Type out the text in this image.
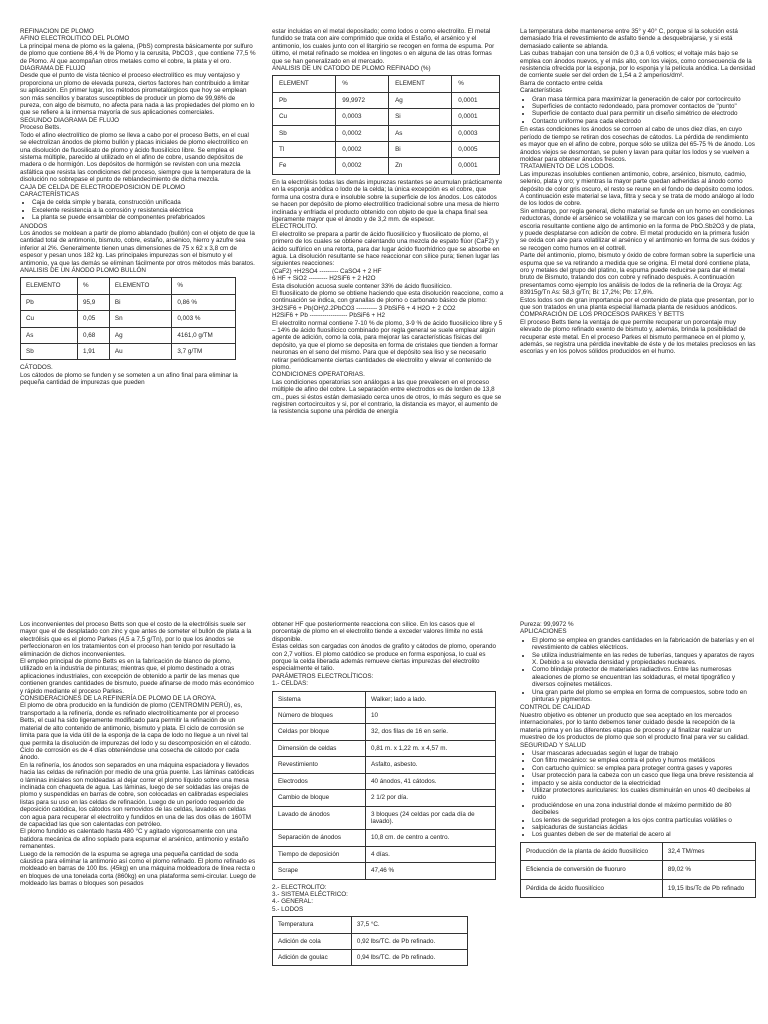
REFINACION DE PLOMO

AFINO ELECTROLITICO DEL PLOMO

La principal mena de plomo es la galena, (PbS) compresta básicamente por sulfuro de plomo que contiene 86,4 % de Plomo y la cerusita, PbCO3 , que contiene 77,5 % de Plomo. Al que acompañan otros metales como el cobre, la plata y el oro.

DIAGRAMA DE FLUJO

Desde que el punto de vista técnico el proceso electrolítico es muy ventajoso y proporciona un plomo de elevada pureza, ciertos factores han contribuido a limitar su aplicación. En primer lugar, los métodos pirometalúrgicos que hoy se emplean son más sencillos y baratos susceptibles de producir un plomo de 99,98% de pureza, con algo de bismuto, no afecta para nada a las propiedades del plomo en lo que se refiere a la inmensa mayoría de sus aplicaciones comerciales.

SEGUNDO DIAGRAMA DE FLUJO

Proceso Betts.

Todo el afino electrolítico de plomo se lleva a cabo por el proceso Betts, en el cual se electrolizan ánodos de plomo bullón y placas iniciales de plomo electrolítico en una disolución de fluosilicato de plomo y ácido fluosilícico libre. Se emplea el sistema múltiple, parecido al utilizado en el afino de cobre, usando depósitos de madera o de hormigón. Los depósitos de hormigón se revisten con una mezcla asfáltica que resista las condiciones del proceso, siempre que la temperatura de la disolución no sobrepase el punto de reblandecimiento de dicha mezcla.

CAJA DE CELDA DE ELECTRODEPOSICION DE PLOMO

CARACTERÍSTICAS

• Caja de celda simple y barata, construcción unificada
• Excelente resistencia a la corrosión y resistencia eléctrica
• La planta se puede ensamblar de componentes prefabricados

ANODOS

Los ánodos se moldean a partir de plomo ablandado (bullón) con el objeto de que la cantidad total de antimonio, bismuto, cobre, estaño, arsénico, hierro y azufre sea inferior al 2%. Generalmente tienen unas dimensiones de 75 x 62 x 3,8 cm de espesor y pesan unos 182 kg. Las principales impurezas son el bismuto y el antimonio, ya que las demás se eliminan fácilmente por otros métodos más baratos.

ANALISIS DE UN ÁNODO PLOMO BULLÓN

ELEMENTO	%	ELEMENTO	%
Pb	95,9	Bi	0,86 %
Cu	0,05	Sn	0,003 %
As	0,68	Ag	4161,0 g/TM
Sb	1,91	Au	3,7 g/TM

CÁTODOS.

Los cátodos de plomo se funden y se someten a un afino final para eliminar la pequeña cantidad de impurezas que pueden

estar incluidas en el metal depositado; como lodos o como electrolito. El metal fundido se trata con aire comprimido que oxida el Estaño, el arsénico y el antimonio, los cuales junto con el litargirio se recogen en forma de espuma. Por último, el metal refinado se moldea en lingotes o en alguna de las otras formas que se han generalizado en el mercado.

ANALISIS DE UN CATODO DE PLOMO REFINADO (%)

ELEMENT	%	ELEMENT	%
Pb	99,9972	Ag	0,0001
Cu	0,0003	Si	0,0001
Sb	0,0002	As	0,0003
Tl	0,0002	Bi	0,0005
Fe	0,0002	Zn	0,0001

En la electrólisis todas las demás impurezas restantes se acumulan prácticamente en la esponja anódica o lodo de la celda; la única excepción es el cobre, que forma una costra dura e insoluble sobre la superficie de los ánodos. Los cátodos se hacen por depósito de plomo electrolítico tradicional sobre una mesa de hierro inclinada y enfriada el producto obtenido con objeto de que la chapa final sea ligeramente mayor que el ánodo y de 3,2 mm. de espesor.

ELECTROLITO.

El electrolito se prepara a partir de ácido fluosilícico y fluosilicato de plomo, el primero de los cuales se obtiene calentando una mezcla de espato flúor (CaF2) y ácido sulfúrico en una retorta, para dar lugar ácido fluorhídrico que se absorbe en agua. La disolución resultante se hace reaccionar con sílice pura; tienen lugar las siguientes reacciones:

(CaF2) +H2SO4 --------- CaSO4 + 2 HF

6 HF + SiO2 --------- H2SiF6 + 2 H2O

Esta disolución acuosa suele contener 33% de ácido fluosilícico.

El fluosilicato de plomo se obtiene haciendo que esta disolución reaccione, como a continuación se indica, con granallas de plomo o carbonato básico de plomo:

3H2SiF6 + Pb(OH)2.2PbCO3 ---------- 3 PbSiF6 + 4 H2O + 2 CO2

H2SiF6 + Pb ------------------ PbSiF6 + H2

El electrolito normal contiene 7-10 % de plomo, 3-9 % de ácido fluosilícico libre y 5 – 14% de ácido fluosilícico combinado por regla general se suele emplear algún agente de adición, como la cola, para mejorar las características físicas del depósito, ya que el plomo se deposita en forma de cristales que tienden a formar neuronas en el seno del mismo. Para que el depósito sea liso y se necesario retirar periódicamente ciertas cantidades de electrolito y elevar el contenido de plomo.

CONDICIONES OPERATORIAS.

Las condiciones operatorias son análogas a las que prevalecen en el proceso múltiple de afino del cobre. La separación entre electrodos es de lorden de 13,8 cm., pues si éstos están demasiado cerca unos de otros, lo más seguro es que se registren cortocircuitos y si, por el contrario, la distancia es mayor, el aumento de la resistencia supone una pérdida de energía

La temperatura debe mantenerse entre 35° y 40° C, porque si la solución está demasiado fría el revestimiento de asfalto tiende a desquebrajarse, y si está demasiado caliente se ablanda.

Las cubas trabajan con una tensión de 0,3 a 0,6 voltios; el voltaje más bajo se emplea con ánodos nuevos, y el más alto, con los viejos, como consecuencia de la resistencia ofrecida por la esponja, por lo esponja y la película anódica. La densidad de corriente suele ser del orden de 1,54 a 2 amperios/dm².

Barra de contacto entre celda

Características

• Gran masa térmica para maximizar la generación de calor por cortocircuito
• Superficies de contacto redondeado, para promover contactos de "punto"
• Superficie de contacto dual para permitir un diseño simétrico de electrodo
• Contacto uniforme para cada electrodo

En estas condiciones los ánodos se corroen al cabo de unos diez días, en cuyo período de tiempo se retiran dos cosechas de cátodos. La pérdida de rendimiento es mayor que en el afino de cobre, porque sólo se utiliza del 65-75 % de ánodo. Los ánodos viejos se desmontan, se pulen y lavan para quitar los lodos y se vuelven a moldear para obtener ánodos frescos.

TRATAMIENTO DE LOS LODOS.

Las impurezas insolubles contienen antimonio, cobre, arsénico, bismuto, cadmio, selenio, plata y oro; y mientras la mayor parte quedan adheridas al ánodo como depósito de color gris oscuro, el resto se reune en el fondo de depósito como lodos. A continuación este material se lava, filtra y seca y se trata de modo análogo al lodo de los lodos de cobre.

Sin embargo, por regla general, dicho material se funde en un horno en condiciones reductoras, donde el arsénico se volatiliza y se marcan con los gases del horno. La escoria resultante contiene algo de antimonio en la forma de PbO.Sb2O3 y de plata, y puede desplatarse con adición de cobre. El metal producido en la primera fusión se oxida con aire para volatilizar el arsénico y el antimonio en forma de sus óxidos y se recogen como humos en el cottrell.

Parte del antimonio, plomo, bismuto y óxido de cobre forman sobre la superficie una espuma que se va retirando a medida que se origina. El metal doré contiene plata, oro y metales del grupo del platino, la espuma puede reducirse para dar el metal bruto de Bismuto, tratando dos con cobre y refinado después. A continuación presentamos como ejemplo los análisis de lodos de la refinería de la Oroya: Ag: 83915g/Tn As: 58,3 g/Tn; Bi: 17,2%; Pb: 17,6%.

Estos lodos son de gran importancia por el contenido de plata que presentan, por lo que son tratados en una planta especial llamada planta de residuos anódicos.

COMPARACIÓN DE LOS PROCESOS PARKES Y BETTS

El proceso Betts tiene la ventaja de que permite recuperar un porcentaje muy elevado de plomo refinado exento de bismuto y, además, brinda la posibilidad de recuperar este metal. En el proceso Parkes el bismuto permanece en el plomo y, además, se registra una pérdida inevitable de éste y de los metales preciosos en las escorias y en los polvos sólidos producidos en el humo.

Los inconvenientes del proceso Betts son que el costo de la electrólisis suele ser mayor que el de desplatado con zinc y que antes de someter el bullón de plata a la electrólisis que es el plomo Parkes (4,5 a 7,5 g/Tn), por lo que los ánodos se perfeccionaron en los tratamientos con el proceso han tenido por resultado la eliminación de dichos inconvenientes.

El empleo principal de plomo Betts es en la fabricación de blanco de plomo, utilizado en la industria de pinturas; mientras que, el plomo destinado a otras aplicaciones industriales, con excepción de obtenido a partir de las menas que contienen grandes cantidades de bismuto, puede afinarse de modo más económico y rápido mediante el proceso Parkes.

CONSIDERACIONES DE LA REFINERÍA DE PLOMO DE LA OROYA.

El plomo de obra producido en la fundición de plomo (CENTROMIN PERÚ), es, transportado a la refinería, donde es refinado electrolíticamente por el proceso Betts, el cual ha sido ligeramente modificado para permitir la refinación de un material de alto contenido de antimonio, bismuto y plata. El ciclo de corrosión se limita para que la vida útil de la esponja de la capa de lodo no llegue a un nivel tal que permita la disolución de impurezas del lodo y su descomposición en el cátodo. Ciclo de corrosión es de 4 días obteniéndose una cosecha de cátodo por cada ánodo.

En la refinería, los ánodos son separados en una máquina espaciadora y llevados hacia las celdas de refinación por medio de una grúa puente. Las láminas catódicas o láminas iniciales son moldeadas al dejar correr el plomo líquido sobre una mesa inclinada con chaqueta de agua. Las láminas, luego de ser soldadas las orejas de plomo y suspendidas en barras de cobre, son colocadas en calibradas especiales listas para su uso en las celdas de refinación. Luego de un período requerido de deposición catódica, los cátodos son removidos de las celdas, lavados en celdas con agua para recuperar el electrolito y fundidos en una de las dos ollas de 160TM de capacidad las que son calentadas con petróleo.

El plomo fundido es calentado hasta 480 °C y agitado vigorosamente con una batidora mecánica de afino soplado para espumar el arsénico, antimonio y estaño remanentes.

Luego de la remoción de la espuma se agrega una pequeña cantidad de soda cáustica para eliminar la antimonio así como el plomo refinado. El plomo refinado es moldeado en barras de 100 lbs. (45kg) en una máquina moldeadora de línea recta o en bloques de una tonelada corta (860kg) en una plataforma semi-circular. Luego de moldeado las barras o bloques son pesados

obtener HF que posteriormente reacciona con sílice. En los casos que el porcentaje de plomo en el electrolito tiende a exceder valores límite no está disponible.

Estas celdas son cargadas con ánodos de grafito y cátodos de plomo, operando con 2,7 voltios. El plomo catódico se produce en forma esponjosa, lo cual es porque la celda liberada además remueve ciertas impurezas del electrolito especialmente el talio.

PARÁMETROS ELECTROLÍTICOS:

1.- CELDAS:

Sistema	Walker; lado a lado.
Número de bloques	10
Celdas por bloque	32, dos filas de 16 en serie.
Dimensión de celdas	0,81 m. x 1,22 m. x 4,57 m.
Revestimiento	Asfalto, asbesto.
Electrodos	40 ánodos, 41 cátodos.
Cambio de bloque	2 1/2 por día.
Lavado de ánodos	3 bloques (24 celdas por cada día de lavado).
Separación de ánodos	10,8 cm. de centro a centro.
Tiempo de deposición	4 días.
Scrape	47,46 %

2.- ELECTROLITO:

3.- SISTEMA ELÉCTRICO:

4.- GENERAL:

5.- LODOS

Temperatura	37,5 °C.
Adición de cola	0,92 lbs/TC. de Pb refinado.
Adición de goulac	0,94 lbs/TC. de Pb refinado.

Pureza: 99,9972 %

APLICACIONES

• El plomo se emplea en grandes cantidades en la fabricación de baterías y en el revestimiento de cables eléctricos.
• Se utiliza industrialmente en las redes de tuberías, tanques y aparatos de rayos X. Debido a su elevada densidad y propiedades nucleares.
• Como blindaje protector de materiales radiactivos. Entre las numerosas aleaciones de plomo se encuentran las soldaduras, el metal tipográfico y diversos cojinetes metálicos.
• Una gran parte del plomo se emplea en forma de compuestos, sobre todo en pinturas y pigmentos.

CONTROL DE CALIDAD

Nuestro objetivo es obtener un producto que sea aceptado en los mercados internacionales, por lo tanto debemos tener cuidado desde la recepción de la materia prima y en las diferentes etapas de proceso y al finalizar realizar un muestreo de los productos de plomo que son el producto final para ver su calidad.

SEGURIDAD Y SALUD

• Usar mascaras adecuadas según el lugar de trabajo
• Con filtro mecánico: se emplea contra el polvo y humos metálicos
• Con cartucho químico: se emplea para proteger contra gases y vapores
• Usar protección para la cabeza con un casco que llega una breve resistencia al
• impacto y se aisla conductor de la electricidad
• Utilizar protectores auriculares: los cuales disminuirán en unos 40 decibeles al ruido
• produciéndose en una zona industrial donde el máximo permitido de 80 decibeles
• Los lentes de seguridad protegen a los ojos contra partículas volátiles o
• salpicaduras de sustancias ácidas
• Los guantes deben de ser de material de acero al
Producción de la planta de ácido fluosilícico	32,4 TM/mes
Eficiencia de conversión de fluoruro	89,02 %
Pérdida de ácido fluosilícico	19,15 lbs/Tc de Pb refinado
